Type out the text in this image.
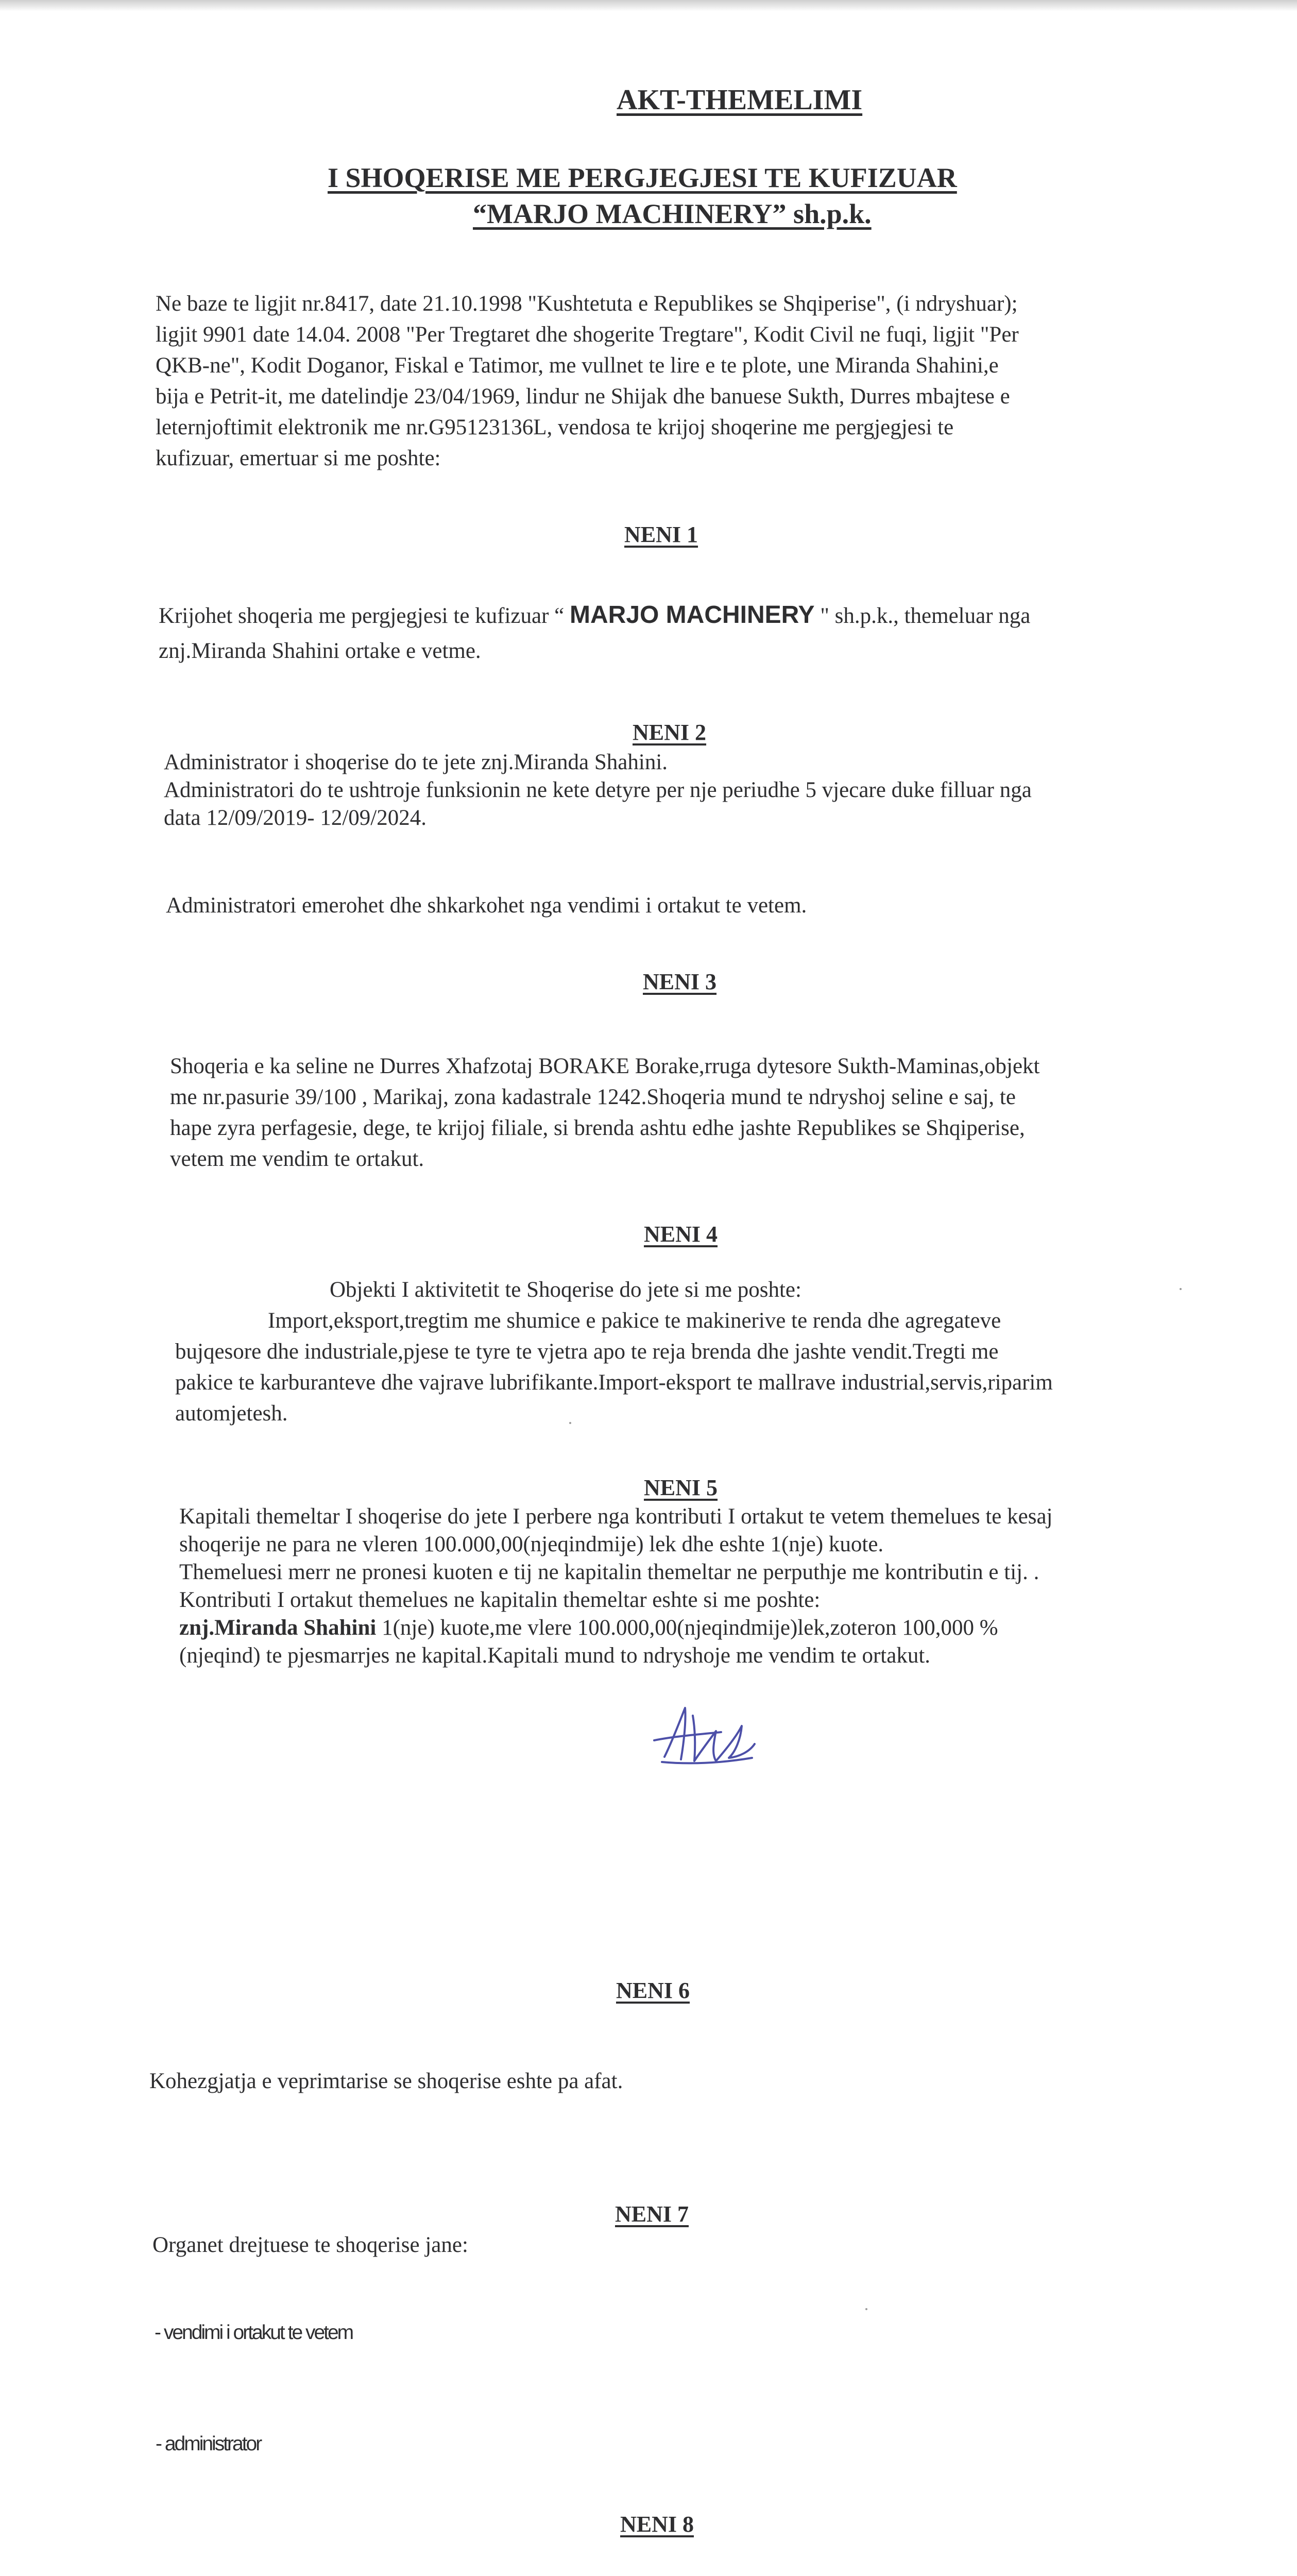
AKT-THEMELIMI
I SHOQERISE ME PERGJEGJESI TE KUFIZUAR
“MARJO MACHINERY” sh.p.k.
Ne baze te ligjit nr.8417, date 21.10.1998 "Kushtetuta e Republikes se Shqiperise", (i ndryshuar);
ligjit 9901 date 14.04. 2008 "Per Tregtaret dhe shogerite Tregtare", Kodit Civil ne fuqi, ligjit "Per
QKB-ne", Kodit Doganor, Fiskal e Tatimor, me vullnet te lire e te plote, une Miranda Shahini,e
bija e Petrit-it, me datelindje 23/04/1969, lindur ne Shijak dhe banuese Sukth, Durres mbajtese e
leternjoftimit elektronik me nr.G95123136L, vendosa te krijoj shoqerine me pergjegjesi te
kufizuar, emertuar si me poshte:
NENI 1
Krijohet shoqeria me pergjegjesi te kufizuar “ MARJO MACHINERY " sh.p.k., themeluar nga
znj.Miranda Shahini ortake e vetme.
NENI 2
Administrator i shoqerise do te jete znj.Miranda Shahini.
Administratori do te ushtroje funksionin ne kete detyre per nje periudhe 5 vjecare duke filluar nga
data 12/09/2019- 12/09/2024.
Administratori emerohet dhe shkarkohet nga vendimi i ortakut te vetem.
NENI 3
Shoqeria e ka seline ne Durres Xhafzotaj BORAKE Borake,rruga dytesore Sukth-Maminas,objekt
me nr.pasurie 39/100 , Marikaj, zona kadastrale 1242.Shoqeria mund te ndryshoj seline e saj, te
hape zyra perfagesie, dege, te krijoj filiale, si brenda ashtu edhe jashte Republikes se Shqiperise,
vetem me vendim te ortakut.
NENI 4
Objekti I aktivitetit te Shoqerise do jete si me poshte:
Import,eksport,tregtim me shumice e pakice te makinerive te renda dhe agregateve
bujqesore dhe industriale,pjese te tyre te vjetra apo te reja brenda dhe jashte vendit.Tregti me
pakice te karburanteve dhe vajrave lubrifikante.Import-eksport te mallrave industrial,servis,riparim
automjetesh.
NENI 5
Kapitali themeltar I shoqerise do jete I perbere nga kontributi I ortakut te vetem themelues te kesaj
shoqerije ne para ne vleren 100.000,00(njeqindmije) lek dhe eshte 1(nje) kuote.
Themeluesi merr ne pronesi kuoten e tij ne kapitalin themeltar ne perputhje me kontributin e tij. .
Kontributi I ortakut themelues ne kapitalin themeltar eshte si me poshte:
znj.Miranda Shahini 1(nje) kuote,me vlere 100.000,00(njeqindmije)lek,zoteron 100,000 %
(njeqind) te pjesmarrjes ne kapital.Kapitali mund to ndryshoje me vendim te ortakut.
NENI 6
Kohezgjatja e veprimtarise se shoqerise eshte pa afat.
NENI 7
Organet drejtuese te shoqerise jane:
- vendimi i ortakut te vetem
- administrator
NENI 8
